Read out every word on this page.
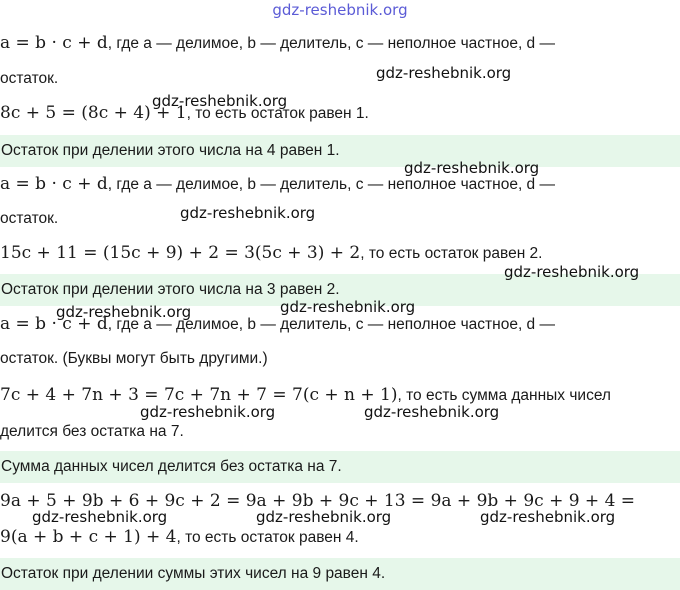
gdz-reshebnik.org
a = b · c + d, где a — делимое, b — делитель, c — неполное частное, d —
остаток.
8c + 5 = (8c + 4) + 1, то есть остаток равен 1.
Остаток при делении этого числа на 4 равен 1.
a = b · c + d, где a — делимое, b — делитель, c — неполное частное, d —
остаток.
15c + 11 = (15c + 9) + 2 = 3(5c + 3) + 2, то есть остаток равен 2.
Остаток при делении этого числа на 3 равен 2.
a = b · c + d, где a — делимое, b — делитель, c — неполное частное, d —
остаток. (Буквы могут быть другими.)
7c + 4 + 7n + 3 = 7c + 7n + 7 = 7(c + n + 1), то есть сумма данных чисел
делится без остатка на 7.
Сумма данных чисел делится без остатка на 7.
9a + 5 + 9b + 6 + 9c + 2 = 9a + 9b + 9c + 13 = 9a + 9b + 9c + 9 + 4 =
9(a + b + c + 1) + 4, то есть остаток равен 4.
Остаток при делении суммы этих чисел на 9 равен 4.
gdz-reshebnik.org
gdz-reshebnik.org
gdz-reshebnik.org
gdz-reshebnik.org
gdz-reshebnik.org
gdz-reshebnik.org	gdz-reshebnik.org
gdz-reshebnik.org	gdz-reshebnik.org
gdz-reshebnik.org	gdz-reshebnik.org	gdz-reshebnik.org
